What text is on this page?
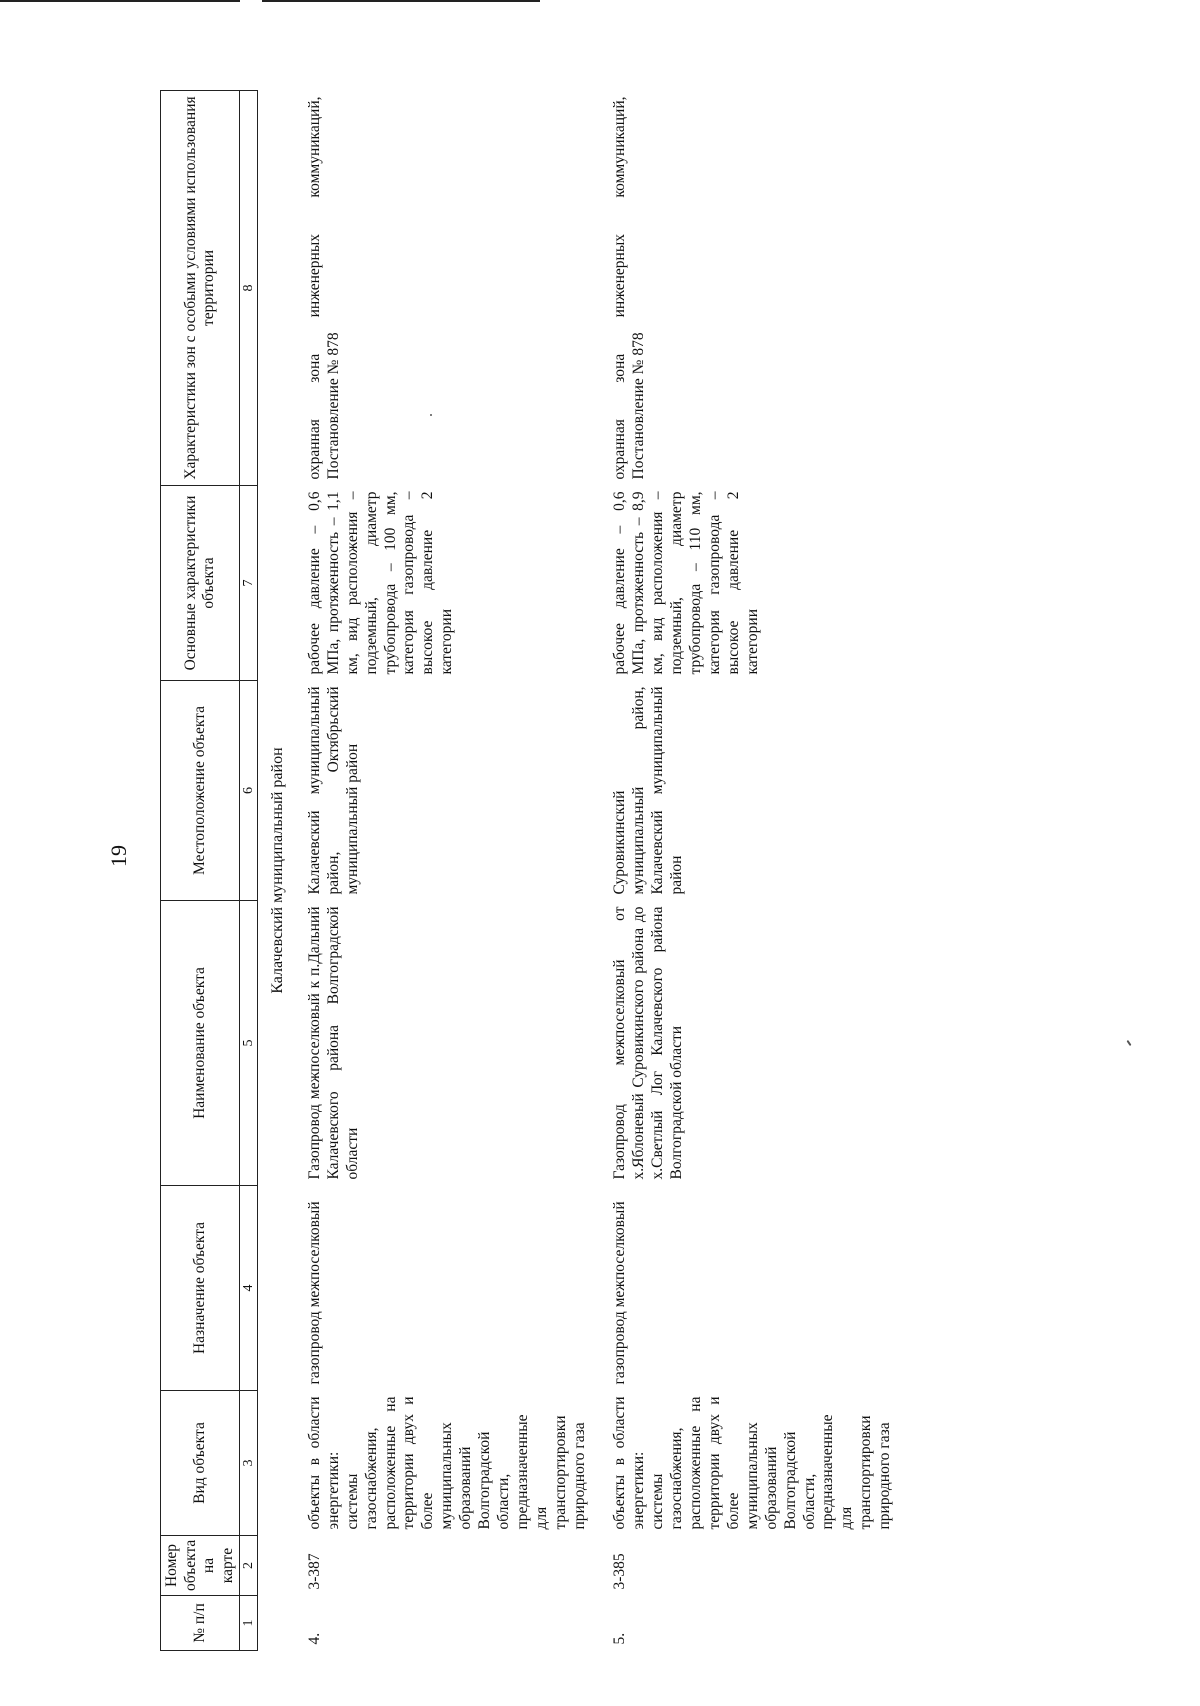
19
№ п/п	Номер объекта на карте	Вид объекта	Назначение объекта	Наименование объекта	Местоположение объекта	Основные характеристики объекта	Характеристики зон с особыми условиями использования территории
1	2	3	4	5	6	7	8
Калачевский муниципальный район							
4.	3-387	объекты в области энергетики: системы газоснабжения, расположенные на территории двух и более муниципальных образований Волгоградской области, предназначенные для транспортировки природного газа	газопровод межпоселковый	Газопровод межпоселковый к п.Дальний Калачевского района Волгоградской области	Калачевский муниципальный район, Октябрьский муниципальный район	рабочее давление – 0,6 МПа, протяженность – 1,1 км, вид расположения – подземный, диаметр трубопровода – 100 мм, категория газопровода – высокое давление 2 категории	охранная зона инженерных коммуникаций, Постановление № 878
5.	3-385	объекты в области энергетики: системы газоснабжения, расположенные на территории двух и более муниципальных образований Волгоградской области, предназначенные для транспортировки природного газа	газопровод межпоселковый	Газопровод межпоселковый от х.Яблоневый Суровикинского района до х.Светлый Лог Калачевского района Волгоградской области	Суровикинский муниципальный район, Калачевский муниципальный район	рабочее давление – 0,6 МПа, протяженность – 8,9 км, вид расположения – подземный, диаметр трубопровода – 110 мм, категория газопровода – высокое давление 2 категории	охранная зона инженерных коммуникаций, Постановление № 878
